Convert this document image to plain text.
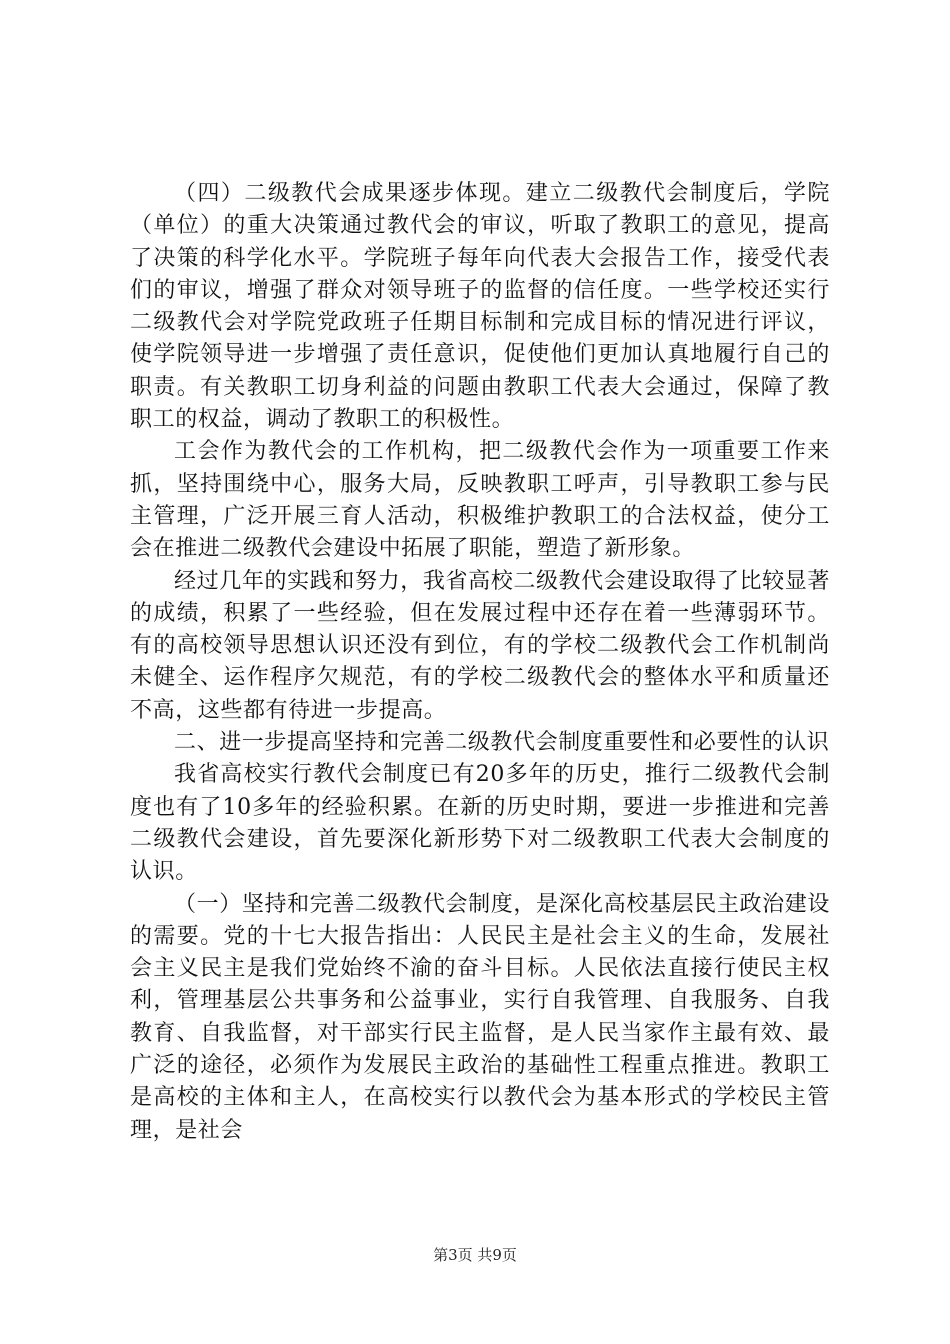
（四）二级教代会成果逐步体现。建立二级教代会制度后，学院（单位）的重大决策通过教代会的审议，听取了教职工的意见，提高了决策的科学化水平。学院班子每年向代表大会报告工作，接受代表们的审议，增强了群众对领导班子的监督的信任度。一些学校还实行二级教代会对学院党政班子任期目标制和完成目标的情况进行评议，使学院领导进一步增强了责任意识，促使他们更加认真地履行自己的职责。有关教职工切身利益的问题由教职工代表大会通过，保障了教职工的权益，调动了教职工的积极性。

工会作为教代会的工作机构，把二级教代会作为一项重要工作来抓，坚持围绕中心，服务大局，反映教职工呼声，引导教职工参与民主管理，广泛开展三育人活动，积极维护教职工的合法权益，使分工会在推进二级教代会建设中拓展了职能，塑造了新形象。

经过几年的实践和努力，我省高校二级教代会建设取得了比较显著的成绩，积累了一些经验，但在发展过程中还存在着一些薄弱环节。有的高校领导思想认识还没有到位，有的学校二级教代会工作机制尚未健全、运作程序欠规范，有的学校二级教代会的整体水平和质量还不高，这些都有待进一步提高。

二、进一步提高坚持和完善二级教代会制度重要性和必要性的认识

我省高校实行教代会制度已有20多年的历史，推行二级教代会制度也有了10多年的经验积累。在新的历史时期，要进一步推进和完善二级教代会建设，首先要深化新形势下对二级教职工代表大会制度的认识。

（一）坚持和完善二级教代会制度，是深化高校基层民主政治建设的需要。党的十七大报告指出：人民民主是社会主义的生命，发展社会主义民主是我们党始终不渝的奋斗目标。人民依法直接行使民主权利，管理基层公共事务和公益事业，实行自我管理、自我服务、自我教育、自我监督，对干部实行民主监督，是人民当家作主最有效、最广泛的途径，必须作为发展民主政治的基础性工程重点推进。教职工是高校的主体和主人，在高校实行以教代会为基本形式的学校民主管理，是社会

第3页 共9页
